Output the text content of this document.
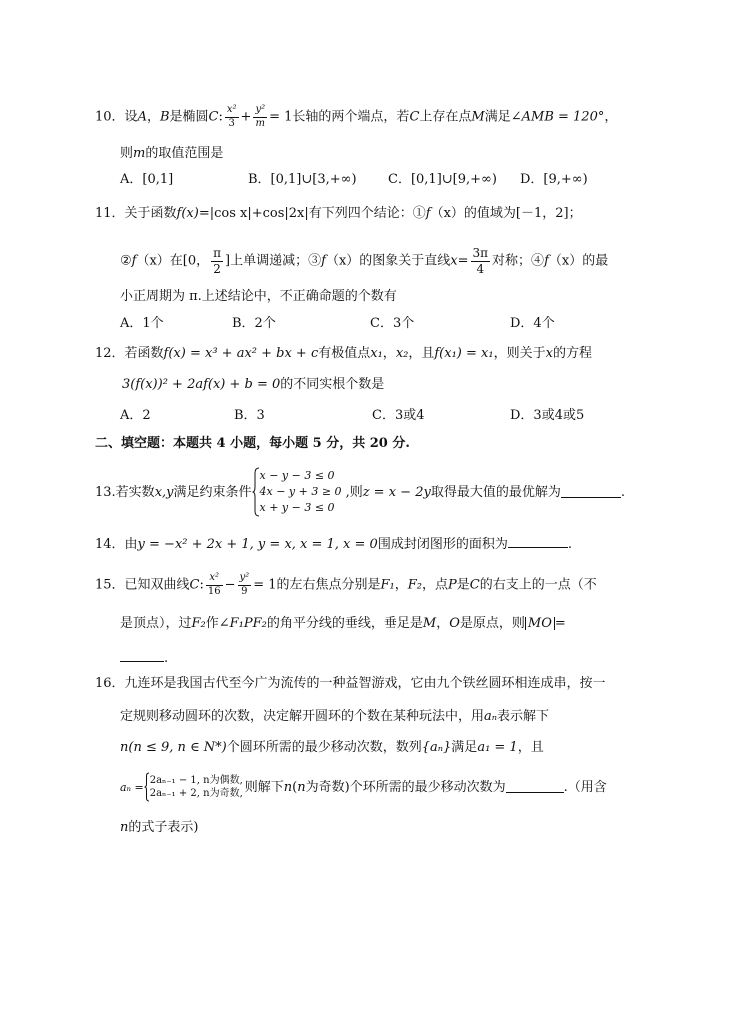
10．设A，B是椭圆C: $\frac{\text{x²}}{3} + \frac{\text{y²}}{m} = 1$长轴的两个端点，若C上存在点M满足∠AMB = 120°，
则m的取值范围是
A．[0,1]	B．[0,1]∪[3,+∞) C．[0,1]∪[9,+∞) D．[9,+∞)
11．关于函数f(x)=|cos x|+cos|2x|有下列四个结论：①f（x）的值域为[－1，2]；
②f（x）在[0， $\frac{\pi}{2}$ ]上单调递减；③f（x）的图象关于直线$x= \frac{3\pi}{4}$ 对称；④f（x）的最
小正周期为 π.上述结论中，不正确命题的个数有
A．1个	B．2个	C．3个	D．4个
12．若函数f(x) = x³ + ax² + bx + c有极值点x₁，x₂，且f(x₁) = x₁，则关于x的方程
3(f(x))² + 2af(x) + b = 0的不同实根个数是
A．2	B．3	C．3或4	D．3或4或5
二、填空题：本题共 4 小题，每小题 5 分，共 20 分.
13.若实数 x,y 满足约束条件
x − y − 3 ≤ 0
4x − y + 3 ≥ 0
x + y − 3 ≤ 0
,则 z = x − 2y 取得最大值的最优解为	.
14．由y = −x² + 2x + 1, y = x, x = 1, x = 0围成封闭图形的面积为	.
15．已知双曲线C: $\frac{\text{x²}}{16} - \frac{\text{y²}}{9} = 1$的左右焦点分别是F₁，F₂，点P是C的右支上的一点（不
是顶点），过F₂作∠F₁PF₂的角平分线的垂线，垂足是M，O是原点，则 MO =
.
16．九连环是我国古代至今广为流传的一种益智游戏，它由九个铁丝圆环相连成串，按一
定规则移动圆环的次数，决定解开圆环的个数在某种玩法中，用aₙ表示解下
n(n ≤ 9, n ∈ N*)个圆环所需的最少移动次数，数列{aₙ}满足a₁ = 1，且
aₙ =
2aₙ₋₁ − 1, n为偶数,
2aₙ₋₁ + 2, n为奇数, 则解下 n ( n 为奇数)个环所需的最少移动次数为	.（用含
n的式子表示)
